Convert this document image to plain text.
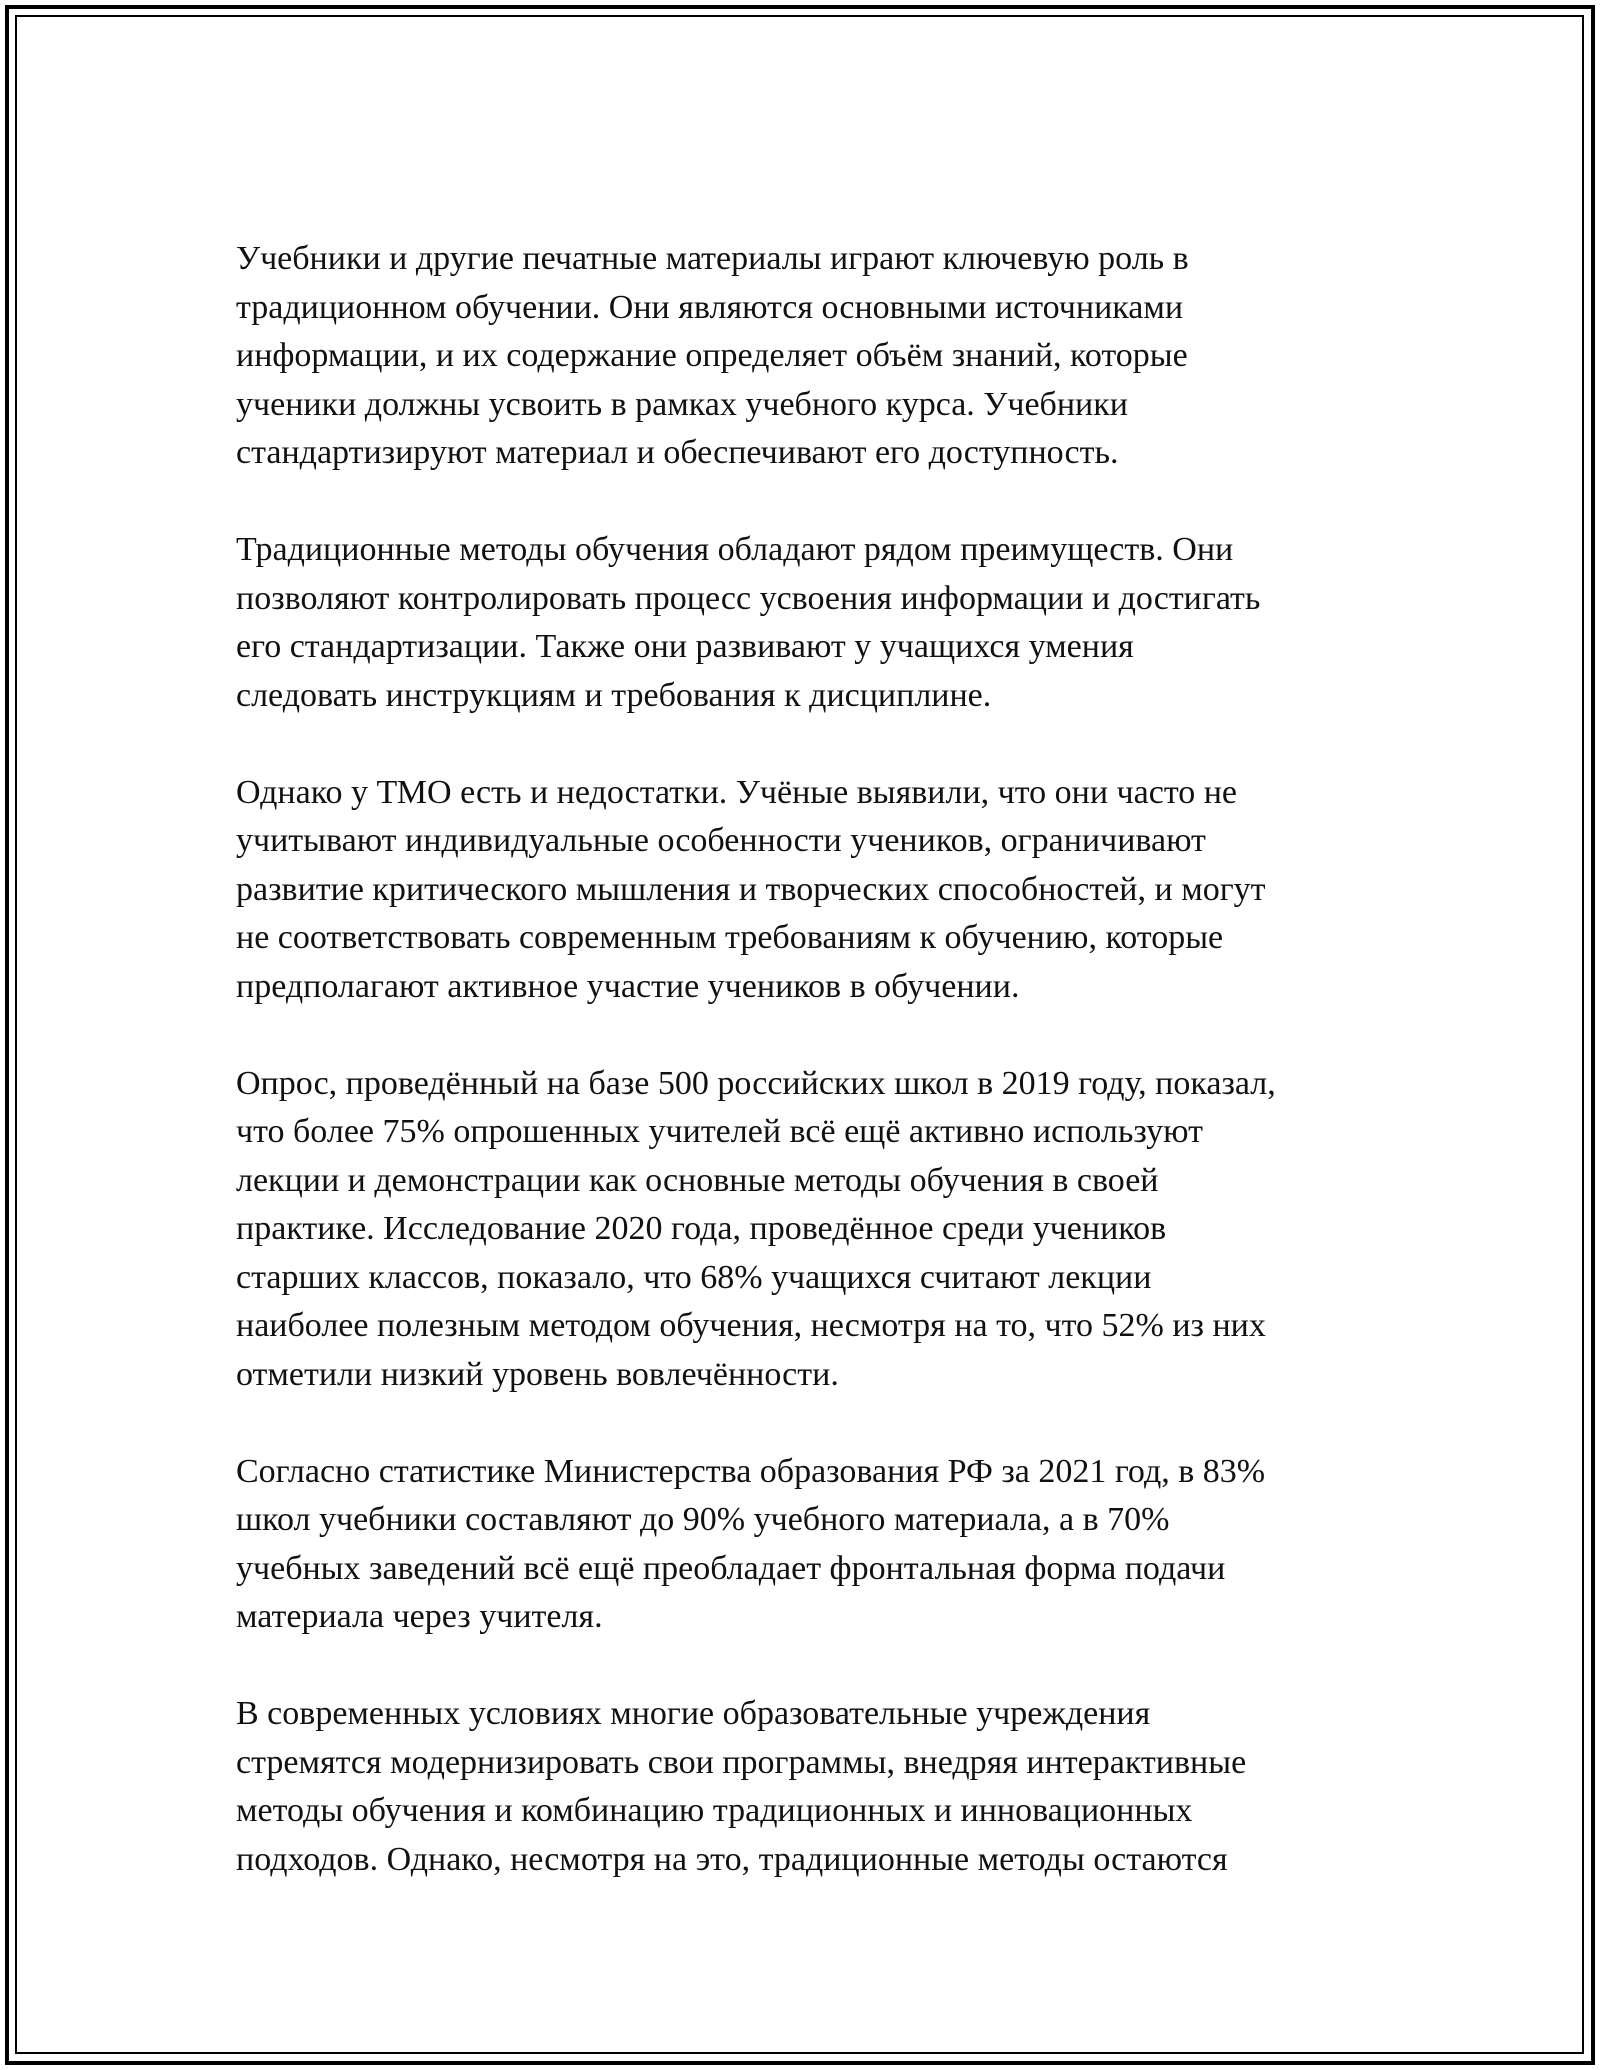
Учебники и другие печатные материалы играют ключевую роль в
традиционном обучении. Они являются основными источниками
информации, и их содержание определяет объём знаний, которые
ученики должны усвоить в рамках учебного курса. Учебники
стандартизируют материал и обеспечивают его доступность.

Традиционные методы обучения обладают рядом преимуществ. Они
позволяют контролировать процесс усвоения информации и достигать
его стандартизации. Также они развивают у учащихся умения
следовать инструкциям и требования к дисциплине.

Однако у ТМО есть и недостатки. Учёные выявили, что они часто не
учитывают индивидуальные особенности учеников, ограничивают
развитие критического мышления и творческих способностей, и могут
не соответствовать современным требованиям к обучению, которые
предполагают активное участие учеников в обучении.

Опрос, проведённый на базе 500 российских школ в 2019 году, показал,
что более 75% опрошенных учителей всё ещё активно используют
лекции и демонстрации как основные методы обучения в своей
практике. Исследование 2020 года, проведённое среди учеников
старших классов, показало, что 68% учащихся считают лекции
наиболее полезным методом обучения, несмотря на то, что 52% из них
отметили низкий уровень вовлечённости.

Согласно статистике Министерства образования РФ за 2021 год, в 83%
школ учебники составляют до 90% учебного материала, а в 70%
учебных заведений всё ещё преобладает фронтальная форма подачи
материала через учителя.

В современных условиях многие образовательные учреждения
стремятся модернизировать свои программы, внедряя интерактивные
методы обучения и комбинацию традиционных и инновационных
подходов. Однако, несмотря на это, традиционные методы остаются
